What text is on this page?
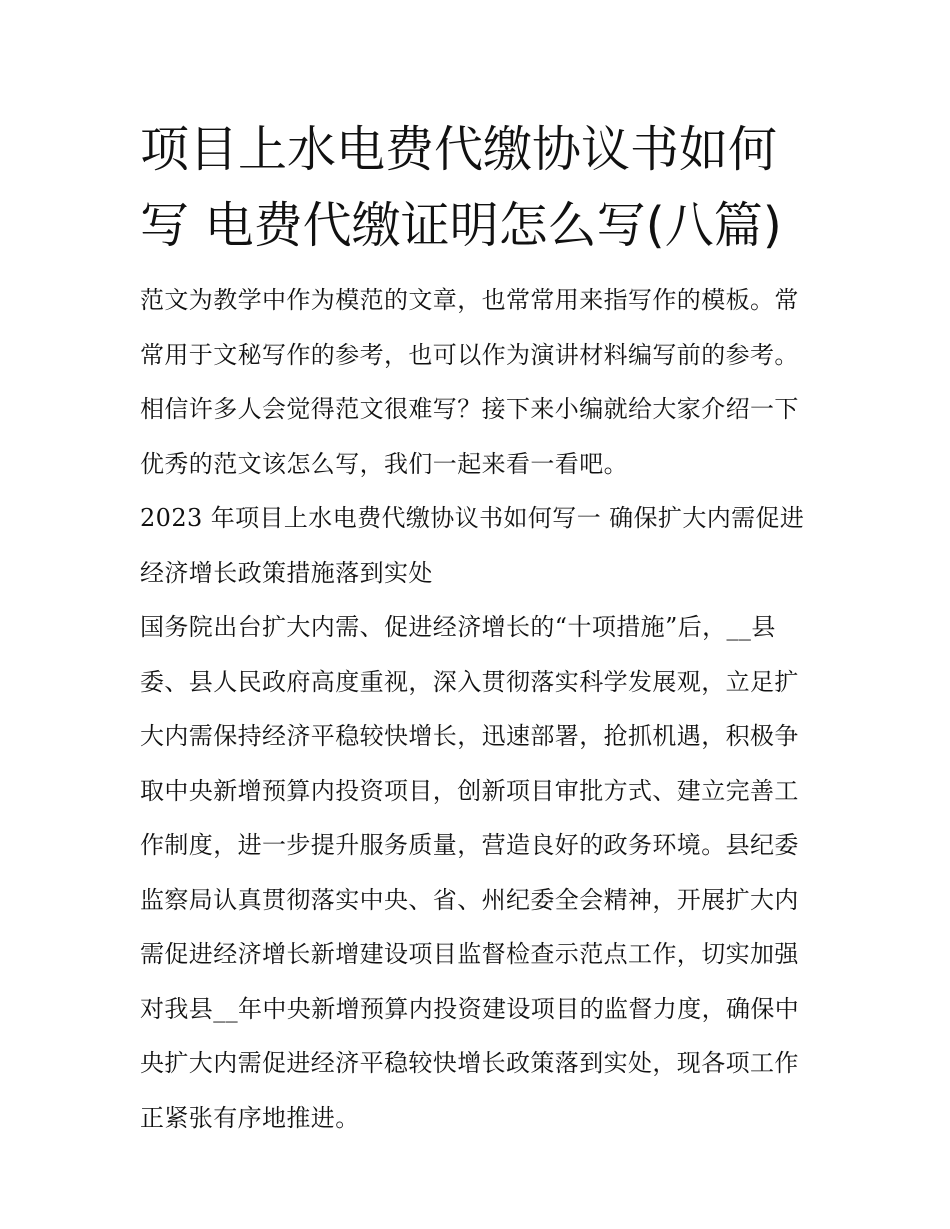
项目上水电费代缴协议书如何
写 电费代缴证明怎么写(八篇)
范文为教学中作为模范的文章，也常常用来指写作的模板。常
常用于文秘写作的参考，也可以作为演讲材料编写前的参考。
相信许多人会觉得范文很难写？接下来小编就给大家介绍一下
优秀的范文该怎么写，我们一起来看一看吧。
2023 年项目上水电费代缴协议书如何写一 确保扩大内需促进
经济增长政策措施落到实处
国务院出台扩大内需、促进经济增长的“十项措施”后，__县
委、县人民政府高度重视，深入贯彻落实科学发展观，立足扩
大内需保持经济平稳较快增长，迅速部署，抢抓机遇，积极争
取中央新增预算内投资项目，创新项目审批方式、建立完善工
作制度，进一步提升服务质量，营造良好的政务环境。县纪委
监察局认真贯彻落实中央、省、州纪委全会精神，开展扩大内
需促进经济增长新增建设项目监督检查示范点工作，切实加强
对我县__年中央新增预算内投资建设项目的监督力度，确保中
央扩大内需促进经济平稳较快增长政策落到实处，现各项工作
正紧张有序地推进。
